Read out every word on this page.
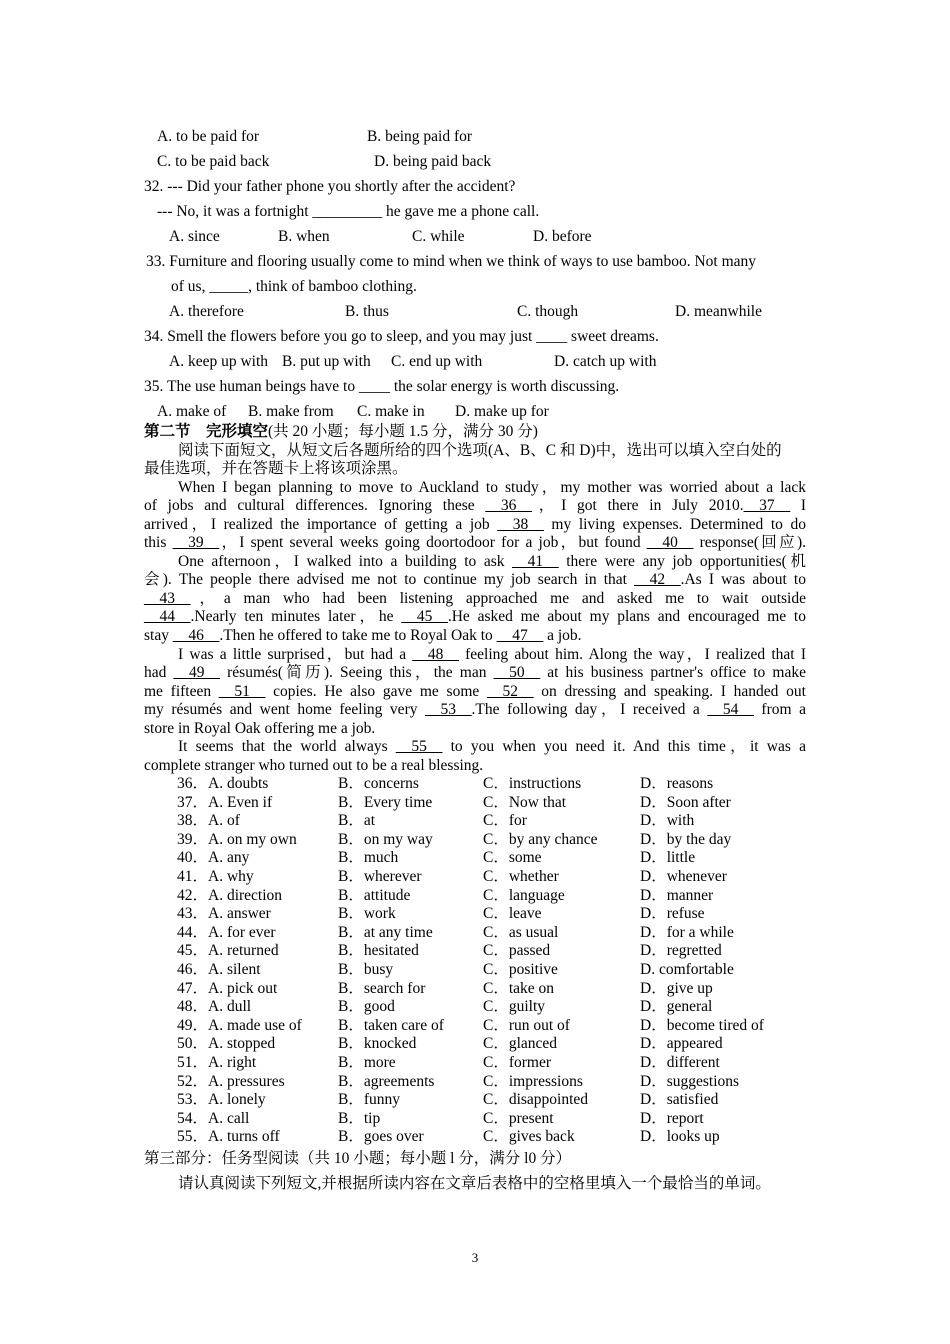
A. to be paid for	B. being paid for
C. to be paid back	D. being paid back
32. --- Did your father phone you shortly after the accident?
--- No, it was a fortnight _________ he gave me a phone call.
A. since	B. when	C. while	D. before
33. Furniture and flooring usually come to mind when we think of ways to use bamboo. Not many
of us, _____, think of bamboo clothing.
A. therefore	B. thus	C. though	D. meanwhile
34. Smell the flowers before you go to sleep, and you may just ____ sweet dreams.
A. keep up with B. put up with C. end up with	D. catch up with
35. The use human beings have to ____ the solar energy is worth discussing.
A. make of B. make from C. make in D. make up for
第二节　完形填空(共 20 小题；每小题 1.5 分，满分 30 分)
阅读下面短文，从短文后各题所给的四个选项(A、B、C 和 D)中，选出可以填入空白处的
最佳选项，并在答题卡上将该项涂黑。
When I began planning to move to Auckland to study，my mother was worried about a lack
of jobs and cultural differences. Ignoring these __36__，I got there in July 2010.__37__ I
arrived，I realized the importance of getting a job __38__ my living expenses. Determined to do
this __39__，I spent several weeks going doortodoor for a job，but found __40__ response(回应).
One afternoon，I walked into a building to ask __41__ there were any job opportunities(机
会). The people there advised me not to continue my job search in that __42__.As I was about to
__43__，a man who had been listening approached me and asked me to wait outside
__44__.Nearly ten minutes later，he __45__.He asked me about my plans and encouraged me to
stay __46__.Then he offered to take me to Royal Oak to __47__ a job.
I was a little surprised，but had a __48__ feeling about him. Along the way，I realized that I
had __49__ résumés(简历). Seeing this，the man __50__ at his business partner's office to make
me fifteen __51__ copies. He also gave me some __52__ on dressing and speaking. I handed out
my résumés and went home feeling very __53__.The following day，I received a __54__ from a
store in Royal Oak offering me a job.
It seems that the world always __55__ to you when you need it. And this time，it was a
complete stranger who turned out to be a real blessing.
36．A. doubts	B．concerns	C．instructions	D．reasons
37．A. Even if	B．Every time	C．Now that	D．Soon after
38．A. of	B．at	C．for	D．with
39．A. on my own	B．on my way	C．by any chance	D．by the day
40．A. any	B．much	C．some	D．little
41．A. why	B．wherever	C．whether	D．whenever
42．A. direction	B．attitude	C．language	D．manner
43．A. answer	B．work	C．leave	D．refuse
44．A. for ever	B．at any time	C．as usual	D．for a while
45．A. returned	B．hesitated	C．passed	D．regretted
46．A. silent	B．busy	C．positive	D. comfortable
47．A. pick out	B．search for	C．take on	D．give up
48．A. dull	B．good	C．guilty	D．general
49．A. made use of B．taken care of	C．run out of	D．become tired of
50．A. stopped	B．knocked	C．glanced	D．appeared
51．A. right	B．more	C．former	D．different
52．A. pressures	B．agreements	C．impressions	D．suggestions
53．A. lonely	B．funny	C．disappointed	D．satisfied
54．A. call	B．tip	C．present	D．report
55．A. turns off	B．goes over	C．gives back	D．looks up
第三部分：任务型阅读（共 10 小题；每小题 l 分，满分 l0 分）
请认真阅读下列短文,并根据所读内容在文章后表格中的空格里填入一个最恰当的单词。
3
